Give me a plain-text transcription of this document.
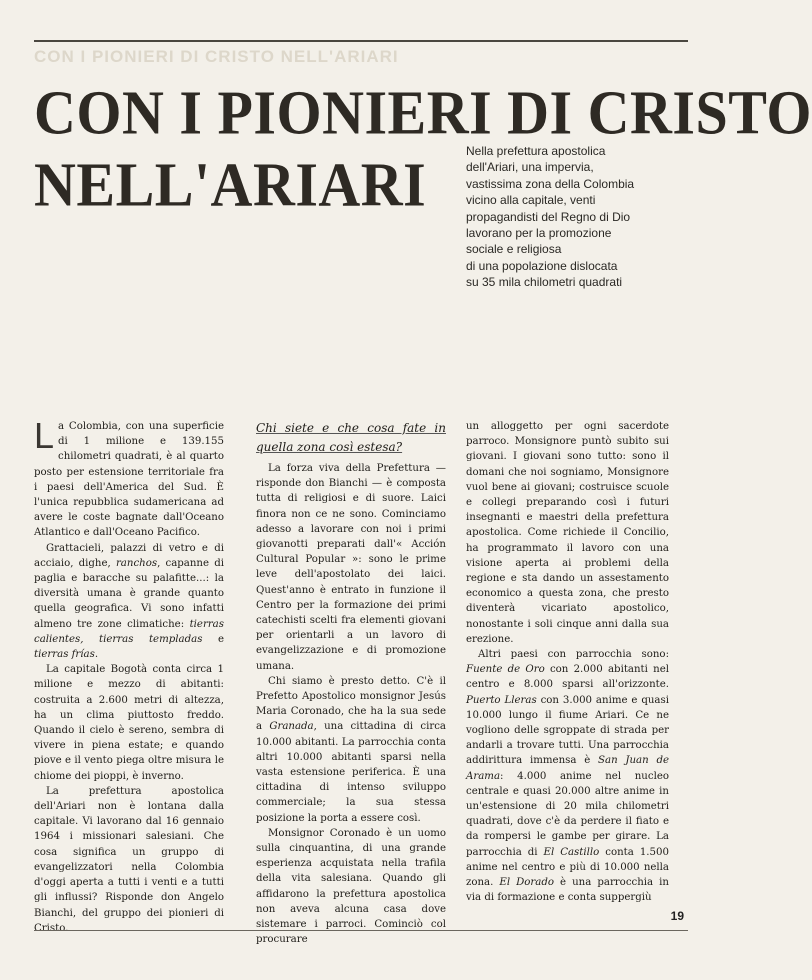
CON I PIONIERI DI CRISTO NELL'ARIARI
CON I PIONIERI DI CRISTO
NELL'ARIARI	Nella prefettura apostolica
dell'Ariari, una impervia,
vastissima zona della Colombia
vicino alla capitale, venti
propagandisti del Regno di Dio
lavorano per la promozione
sociale e religiosa
di una popolazione dislocata
su 35 mila chilometri quadrati

La Colombia, con una superficie di 1 milione e 139.155 chilometri quadrati, è al quarto posto per estensione territoriale fra i paesi dell'America del Sud. È l'unica repubblica sudamericana ad avere le coste bagnate dall'Oceano Atlantico e dall'Oceano Pacifico.

Grattacieli, palazzi di vetro e di acciaio, dighe, ranchos, capanne di paglia e baracche su palafitte...: la diversità umana è grande quanto quella geografica. Vi sono infatti almeno tre zone climatiche: tierras calientes, tierras templadas e tierras frías.

La capitale Bogotà conta circa 1 milione e mezzo di abitanti: costruita a 2.600 metri di altezza, ha un clima piuttosto freddo. Quando il cielo è sereno, sembra di vivere in piena estate; e quando piove e il vento piega oltre misura le chiome dei pioppi, è inverno.

La prefettura apostolica dell'Ariari non è lontana dalla capitale. Vi lavorano dal 16 gennaio 1964 i missionari salesiani. Che cosa significa un gruppo di evangelizzatori nella Colombia d'oggi aperta a tutti i venti e a tutti gli influssi? Risponde don Angelo Bianchi, del gruppo dei pionieri di Cristo.

Chi siete e che cosa fate in quella zona così estesa?

La forza viva della Prefettura — risponde don Bianchi — è composta tutta di religiosi e di suore. Laici finora non ce ne sono. Cominciamo adesso a lavorare con noi i primi giovanotti preparati dall'« Acción Cultural Popular »: sono le prime leve dell'apostolato dei laici. Quest'anno è entrato in funzione il Centro per la formazione dei primi catechisti scelti fra elementi giovani per orientarli a un lavoro di evangelizzazione e di promozione umana.

Chi siamo è presto detto. C'è il Prefetto Apostolico monsignor Jesús Maria Coronado, che ha la sua sede a Granada, una cittadina di circa 10.000 abitanti. La parrocchia conta altri 10.000 abitanti sparsi nella vasta estensione periferica. È una cittadina di intenso sviluppo commerciale; la sua stessa posizione la porta a essere così.

Monsignor Coronado è un uomo sulla cinquantina, di una grande esperienza acquistata nella trafila della vita salesiana. Quando gli affidarono la prefettura apostolica non aveva alcuna casa dove sistemare i parroci. Cominciò col procurare

un alloggetto per ogni sacerdote parroco. Monsignore puntò subito sui giovani. I giovani sono tutto: sono il domani che noi sogniamo, Monsignore vuol bene ai giovani; costruisce scuole e collegi preparando così i futuri insegnanti e maestri della prefettura apostolica. Come richiede il Concilio, ha programmato il lavoro con una visione aperta ai problemi della regione e sta dando un assestamento economico a questa zona, che presto diventerà vicariato apostolico, nonostante i soli cinque anni dalla sua erezione.

Altri paesi con parrocchia sono: Fuente de Oro con 2.000 abitanti nel centro e 8.000 sparsi all'orizzonte. Puerto Lleras con 3.000 anime e quasi 10.000 lungo il fiume Ariari. Ce ne vogliono delle sgroppate di strada per andarli a trovare tutti. Una parrocchia addirittura immensa è San Juan de Arama: 4.000 anime nel nucleo centrale e quasi 20.000 altre anime in un'estensione di 20 mila chilometri quadrati, dove c'è da perdere il fiato e da rompersi le gambe per girare. La parrocchia di El Castillo conta 1.500 anime nel centro e più di 10.000 nella zona. El Dorado è una parrocchia in via di formazione e conta suppergiù

19
